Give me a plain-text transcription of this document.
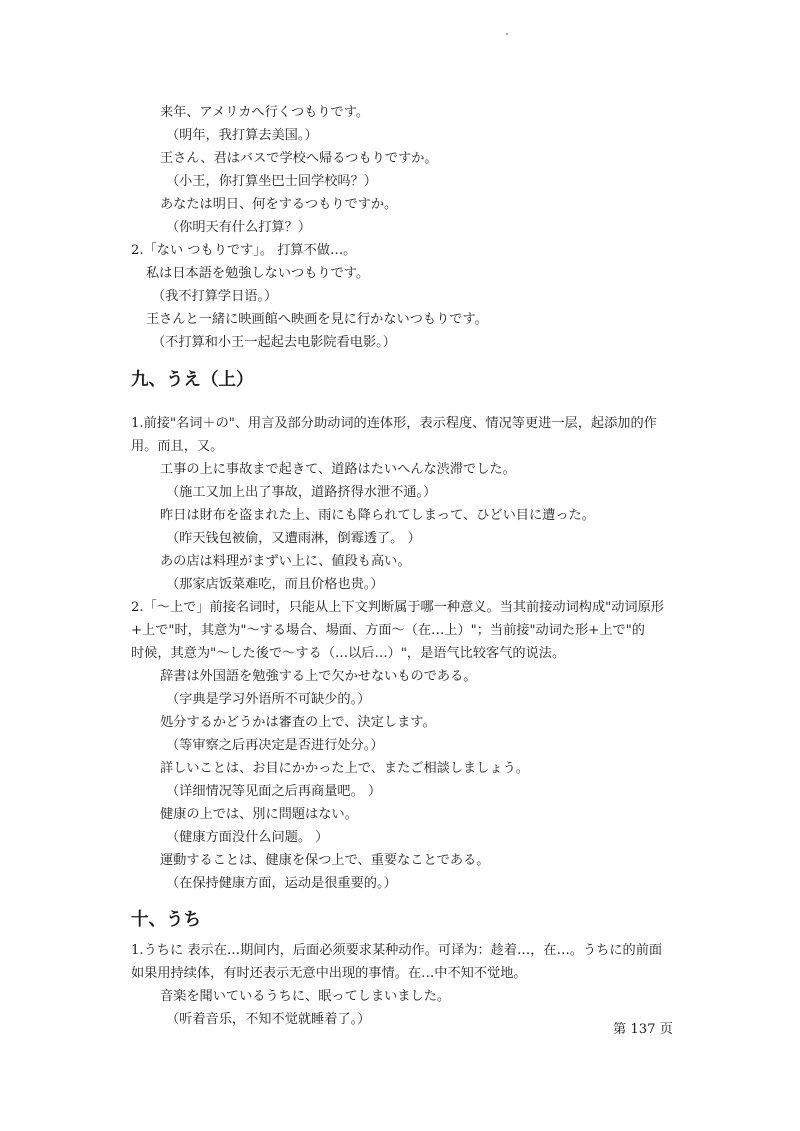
来年、アメリカへ行くつもりです。
（明年，我打算去美国。）
王さん、君はバスで学校へ帰るつもりですか。
（小王，你打算坐巴士回学校吗？）
あなたは明日、何をするつもりですか。
（你明天有什么打算？）
2.「ない つもりです」。 打算不做…。
私は日本語を勉強しないつもりです。
（我不打算学日语。）
王さんと一緒に映画館へ映画を見に行かないつもりです。
（不打算和小王一起起去电影院看电影。）
九、うえ（上）
1.前接"名词＋の"、用言及部分助动词的连体形，表示程度、情况等更进一层，起添加的作
用。而且，又。
工事の上に事故まで起きて、道路はたいへんな渋滞でした。
（施工又加上出了事故，道路挤得水泄不通。）
昨日は財布を盗まれた上、雨にも降られてしまって、ひどい目に遭った。
（昨天钱包被偷，又遭雨淋，倒霉透了。 ）
あの店は料理がまずい上に、値段も高い。
（那家店饭菜难吃，而且价格也贵。）
2.「～上で」前接名词时，只能从上下文判断属于哪一种意义。当其前接动词构成"动词原形
+上で"时，其意为"～する場合、場面、方面～（在…上）"；当前接"动词た形+上で"的
时候，其意为"～した後で～する（…以后…）"，是语气比较客气的说法。
辞書は外国語を勉強する上で欠かせないものである。
（字典是学习外语所不可缺少的。）
処分するかどうかは審査の上で、決定します。
（等审察之后再决定是否进行处分。）
詳しいことは、お目にかかった上で、またご相談しましょう。
（详细情况等见面之后再商量吧。 ）
健康の上では、別に問題はない。
（健康方面没什么问题。 ）
運動することは、健康を保つ上で、重要なことである。
（在保持健康方面，运动是很重要的。）
十、うち
1.うちに 表示在…期间内，后面必须要求某种动作。可译为：趁着…，在…。うちに的前面
如果用持续体，有时还表示无意中出现的事情。在…中不知不觉地。
音楽を聞いているうちに、眠ってしまいました。
（听着音乐，不知不觉就睡着了。）
第 137 页
